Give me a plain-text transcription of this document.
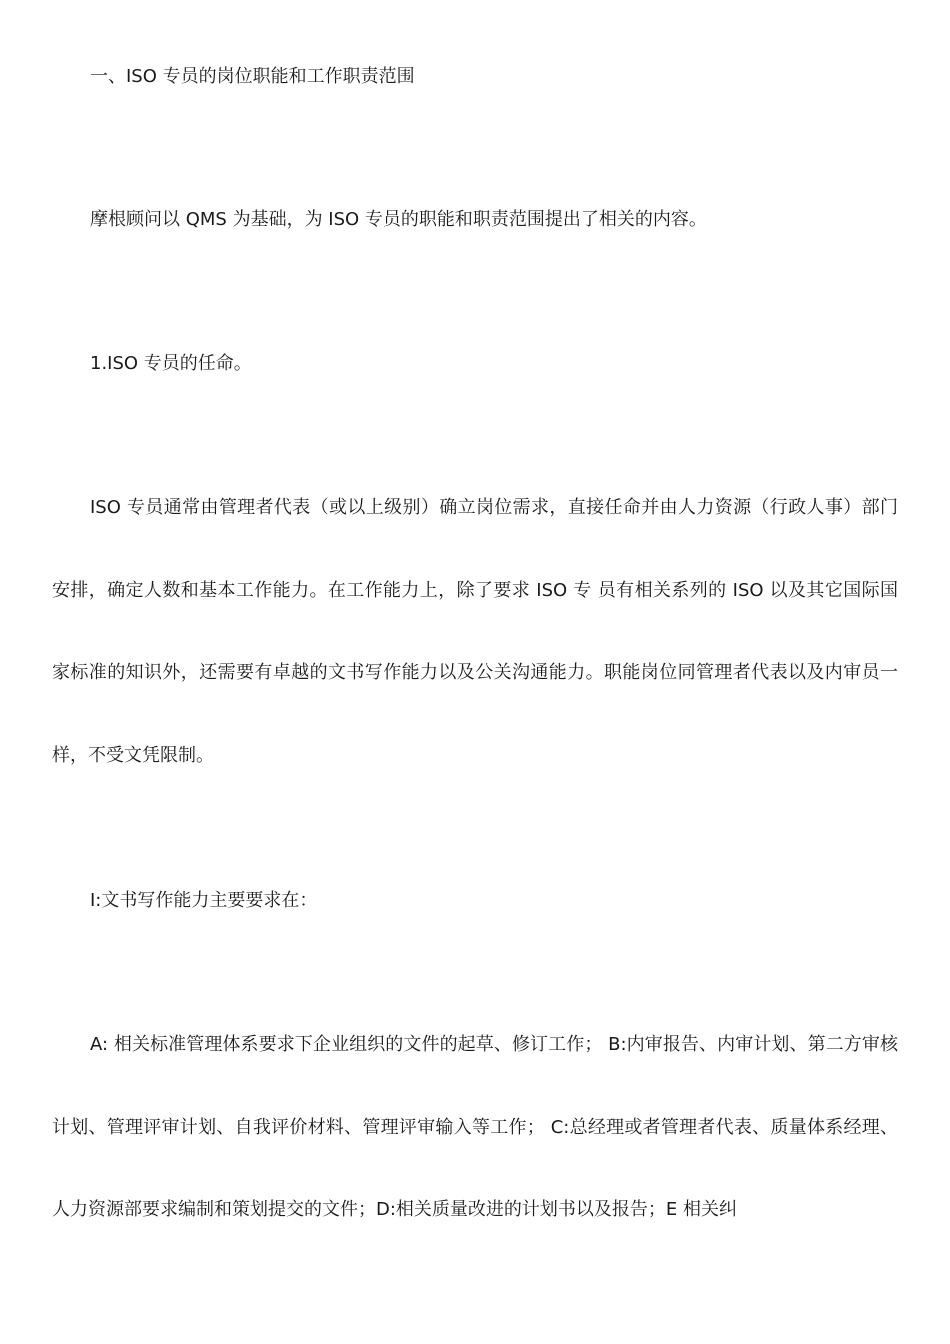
一、ISO 专员的岗位职能和工作职责范围

摩根顾问以 QMS 为基础，为 ISO 专员的职能和职责范围提出了相关的内容。

1.ISO 专员的任命。

ISO 专员通常由管理者代表（或以上级别）确立岗位需求，直接任命并由人力资源（行政人事）部门安排，确定人数和基本工作能力。在工作能力上，除了要求 ISO 专 员有相关系列的 ISO 以及其它国际国家标准的知识外，还需要有卓越的文书写作能力以及公关沟通能力。职能岗位同管理者代表以及内审员一样，不受文凭限制。

I:文书写作能力主要要求在：

A: 相关标准管理体系要求下企业组织的文件的起草、修订工作； B:内审报告、内审计划、第二方审核计划、管理评审计划、自我评价材料、管理评审输入等工作； C:总经理或者管理者代表、质量体系经理、人力资源部要求编制和策划提交的文件；D:相关质量改进的计划书以及报告；E 相关纠
